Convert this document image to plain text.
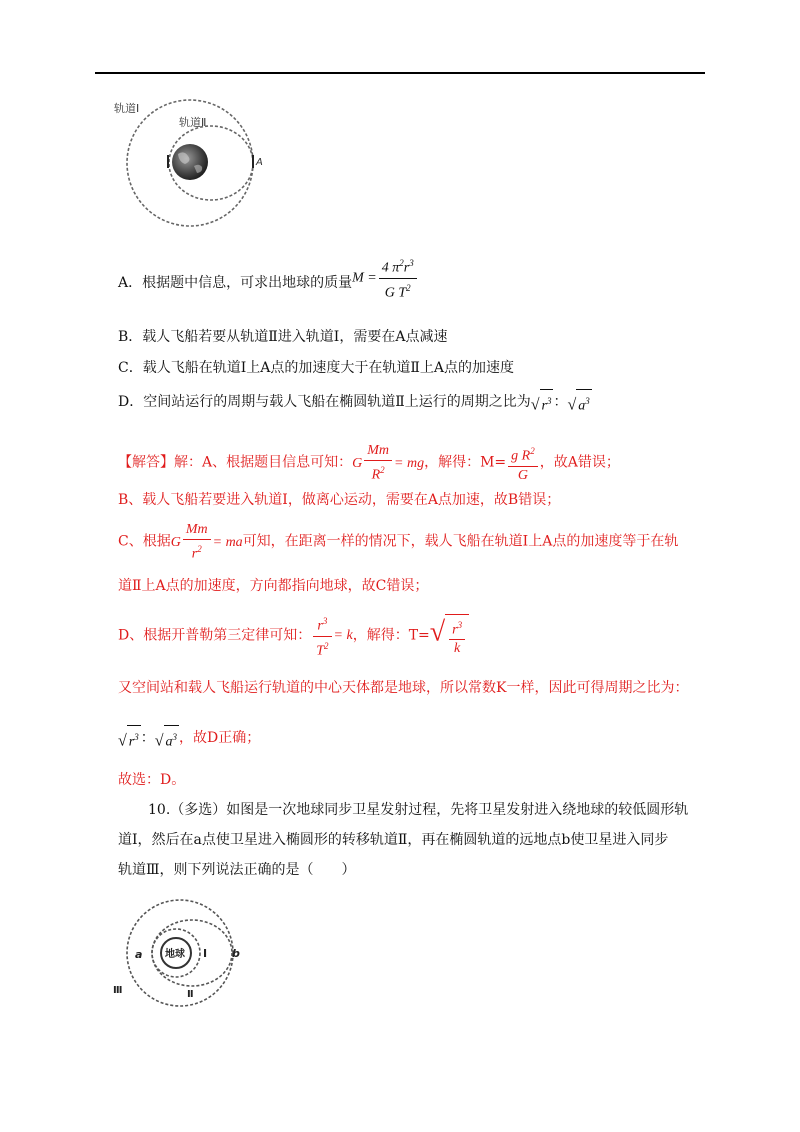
轨道Ⅰ
轨道Ⅱ
A
A．根据题中信息，可求出地球的质量$M = \frac{4 \pi^2r^3}{G T^2}$
B．载人飞船若要从轨道Ⅱ进入轨道Ⅰ，需要在A点减速
C．载人飞船在轨道Ⅰ上A点的加速度大于在轨道Ⅱ上A点的加速度
D．空间站运行的周期与载人飞船在椭圆轨道Ⅱ上运行的周期之比为√ $r^3$ ：√ $a^3$
【解答】解：A、根据题目信息可知：G $\frac{Mm}{R^2}$ = mg，解得：$M= \frac{g R^2}{G}$ ，故A错误；
B、载人飞船若要进入轨道Ⅰ，做离心运动，需要在A点加速，故B错误；
C、根据G $\frac{Mm}{r^2}$ = ma可知，在距离一样的情况下，载人飞船在轨道Ⅰ上A点的加速度等于在轨
道Ⅱ上A点的加速度，方向都指向地球，故C错误；
D、根据开普勒第三定律可知： $\frac{r^3}{T^2} = k$，解得：$T=√ \frac{r^3}{k}$
又空间站和载人飞船运行轨道的中心天体都是地球，所以常数K一样，因此可得周期之比为：
√ $r^3$ ：√ $a^3$ ，故D正确；
故选：D。
10.（多选）如图是一次地球同步卫星发射过程，先将卫星发射进入绕地球的较低圆形轨
道Ⅰ，然后在a点使卫星进入椭圆形的转移轨道Ⅱ，再在椭圆轨道的远地点b使卫星进入同步
轨道Ⅲ，则下列说法正确的是（　　）
地球
a	b
Ⅰ
Ⅱ
Ⅲ
